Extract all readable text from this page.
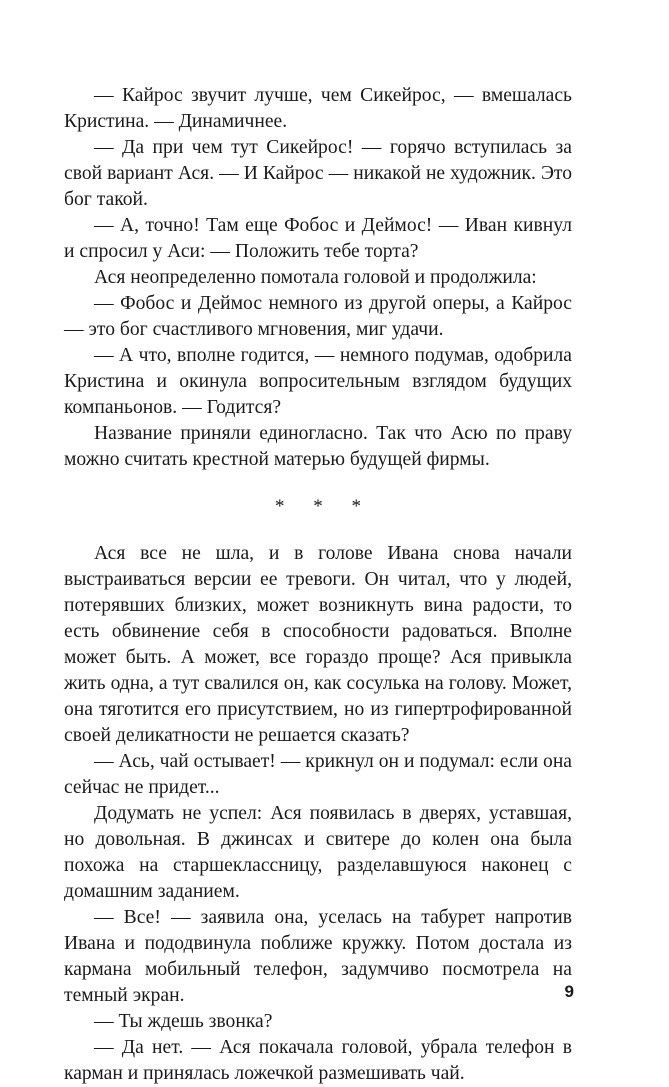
— Кайрос звучит лучше, чем Сикейрос, — вмешалась Кристина. — Динамичнее.

— Да при чем тут Сикейрос! — горячо вступилась за свой вариант Ася. — И Кайрос — никакой не художник. Это бог такой.

— А, точно! Там еще Фобос и Деймос! — Иван кивнул и спросил у Аси: — Положить тебе торта?

Ася неопределенно помотала головой и продолжила:

— Фобос и Деймос немного из другой оперы, а Кайрос — это бог счастливого мгновения, миг удачи.

— А что, вполне годится, — немного подумав, одобрила Кристина и окинула вопросительным взглядом будущих компаньонов. — Годится?

Название приняли единогласно. Так что Асю по праву можно считать крестной матерью будущей фирмы.

* * *

Ася все не шла, и в голове Ивана снова начали выстраиваться версии ее тревоги. Он читал, что у людей, потерявших близких, может возникнуть вина радости, то есть обвинение себя в способности радоваться. Вполне может быть. А может, все гораздо проще? Ася привыкла жить одна, а тут свалился он, как сосулька на голову. Может, она тяготится его присутствием, но из гипертрофированной своей деликатности не решается сказать?

— Ась, чай остывает! — крикнул он и подумал: если она сейчас не придет...

Додумать не успел: Ася появилась в дверях, уставшая, но довольная. В джинсах и свитере до колен она была похожа на старшеклассницу, разделавшуюся наконец с домашним заданием.

— Все! — заявила она, уселась на табурет напротив Ивана и пододвинула поближе кружку. Потом достала из кармана мобильный телефон, задумчиво посмотрела на темный экран.

— Ты ждешь звонка?

— Да нет. — Ася покачала головой, убрала телефон в карман и принялась ложечкой размешивать чай.

9
